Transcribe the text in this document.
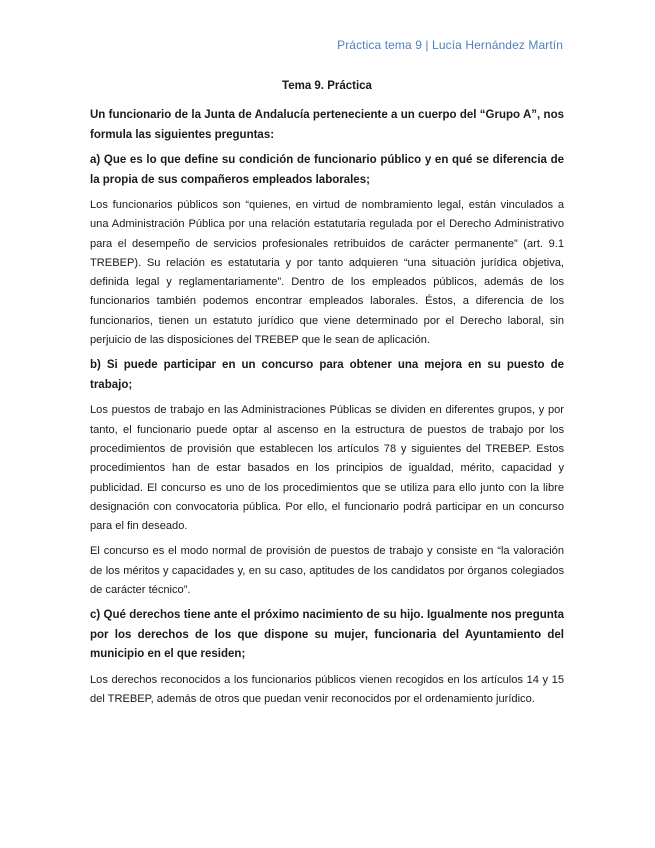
Práctica tema 9 | Lucía Hernández Martín
Tema 9. Práctica

Un funcionario de la Junta de Andalucía perteneciente a un cuerpo del “Grupo A”, nos formula las siguientes preguntas:

a) Que es lo que define su condición de funcionario público y en qué se diferencia de la propia de sus compañeros empleados laborales;

Los funcionarios públicos son “quienes, en virtud de nombramiento legal, están vinculados a una Administración Pública por una relación estatutaria regulada por el Derecho Administrativo para el desempeño de servicios profesionales retribuidos de carácter permanente” (art. 9.1 TREBEP). Su relación es estatutaria y por tanto adquieren “una situación jurídica objetiva, definida legal y reglamentariamente”. Dentro de los empleados públicos, además de los funcionarios también podemos encontrar empleados laborales. Éstos, a diferencia de los funcionarios, tienen un estatuto jurídico que viene determinado por el Derecho laboral, sin perjuicio de las disposiciones del TREBEP que le sean de aplicación.

b) Si puede participar en un concurso para obtener una mejora en su puesto de trabajo;

Los puestos de trabajo en las Administraciones Públicas se dividen en diferentes grupos, y por tanto, el funcionario puede optar al ascenso en la estructura de puestos de trabajo por los procedimientos de provisión que establecen los artículos 78 y siguientes del TREBEP. Estos procedimientos han de estar basados en los principios de igualdad, mérito, capacidad y publicidad. El concurso es uno de los procedimientos que se utiliza para ello junto con la libre designación con convocatoria pública. Por ello, el funcionario podrá participar en un concurso para el fin deseado.

El concurso es el modo normal de provisión de puestos de trabajo y consiste en “la valoración de los méritos y capacidades y, en su caso, aptitudes de los candidatos por órganos colegiados de carácter técnico”.

c) Qué derechos tiene ante el próximo nacimiento de su hijo. Igualmente nos pregunta por los derechos de los que dispone su mujer, funcionaria del Ayuntamiento del municipio en el que residen;

Los derechos reconocidos a los funcionarios públicos vienen recogidos en los artículos 14 y 15 del TREBEP, además de otros que puedan venir reconocidos por el ordenamiento jurídico.
